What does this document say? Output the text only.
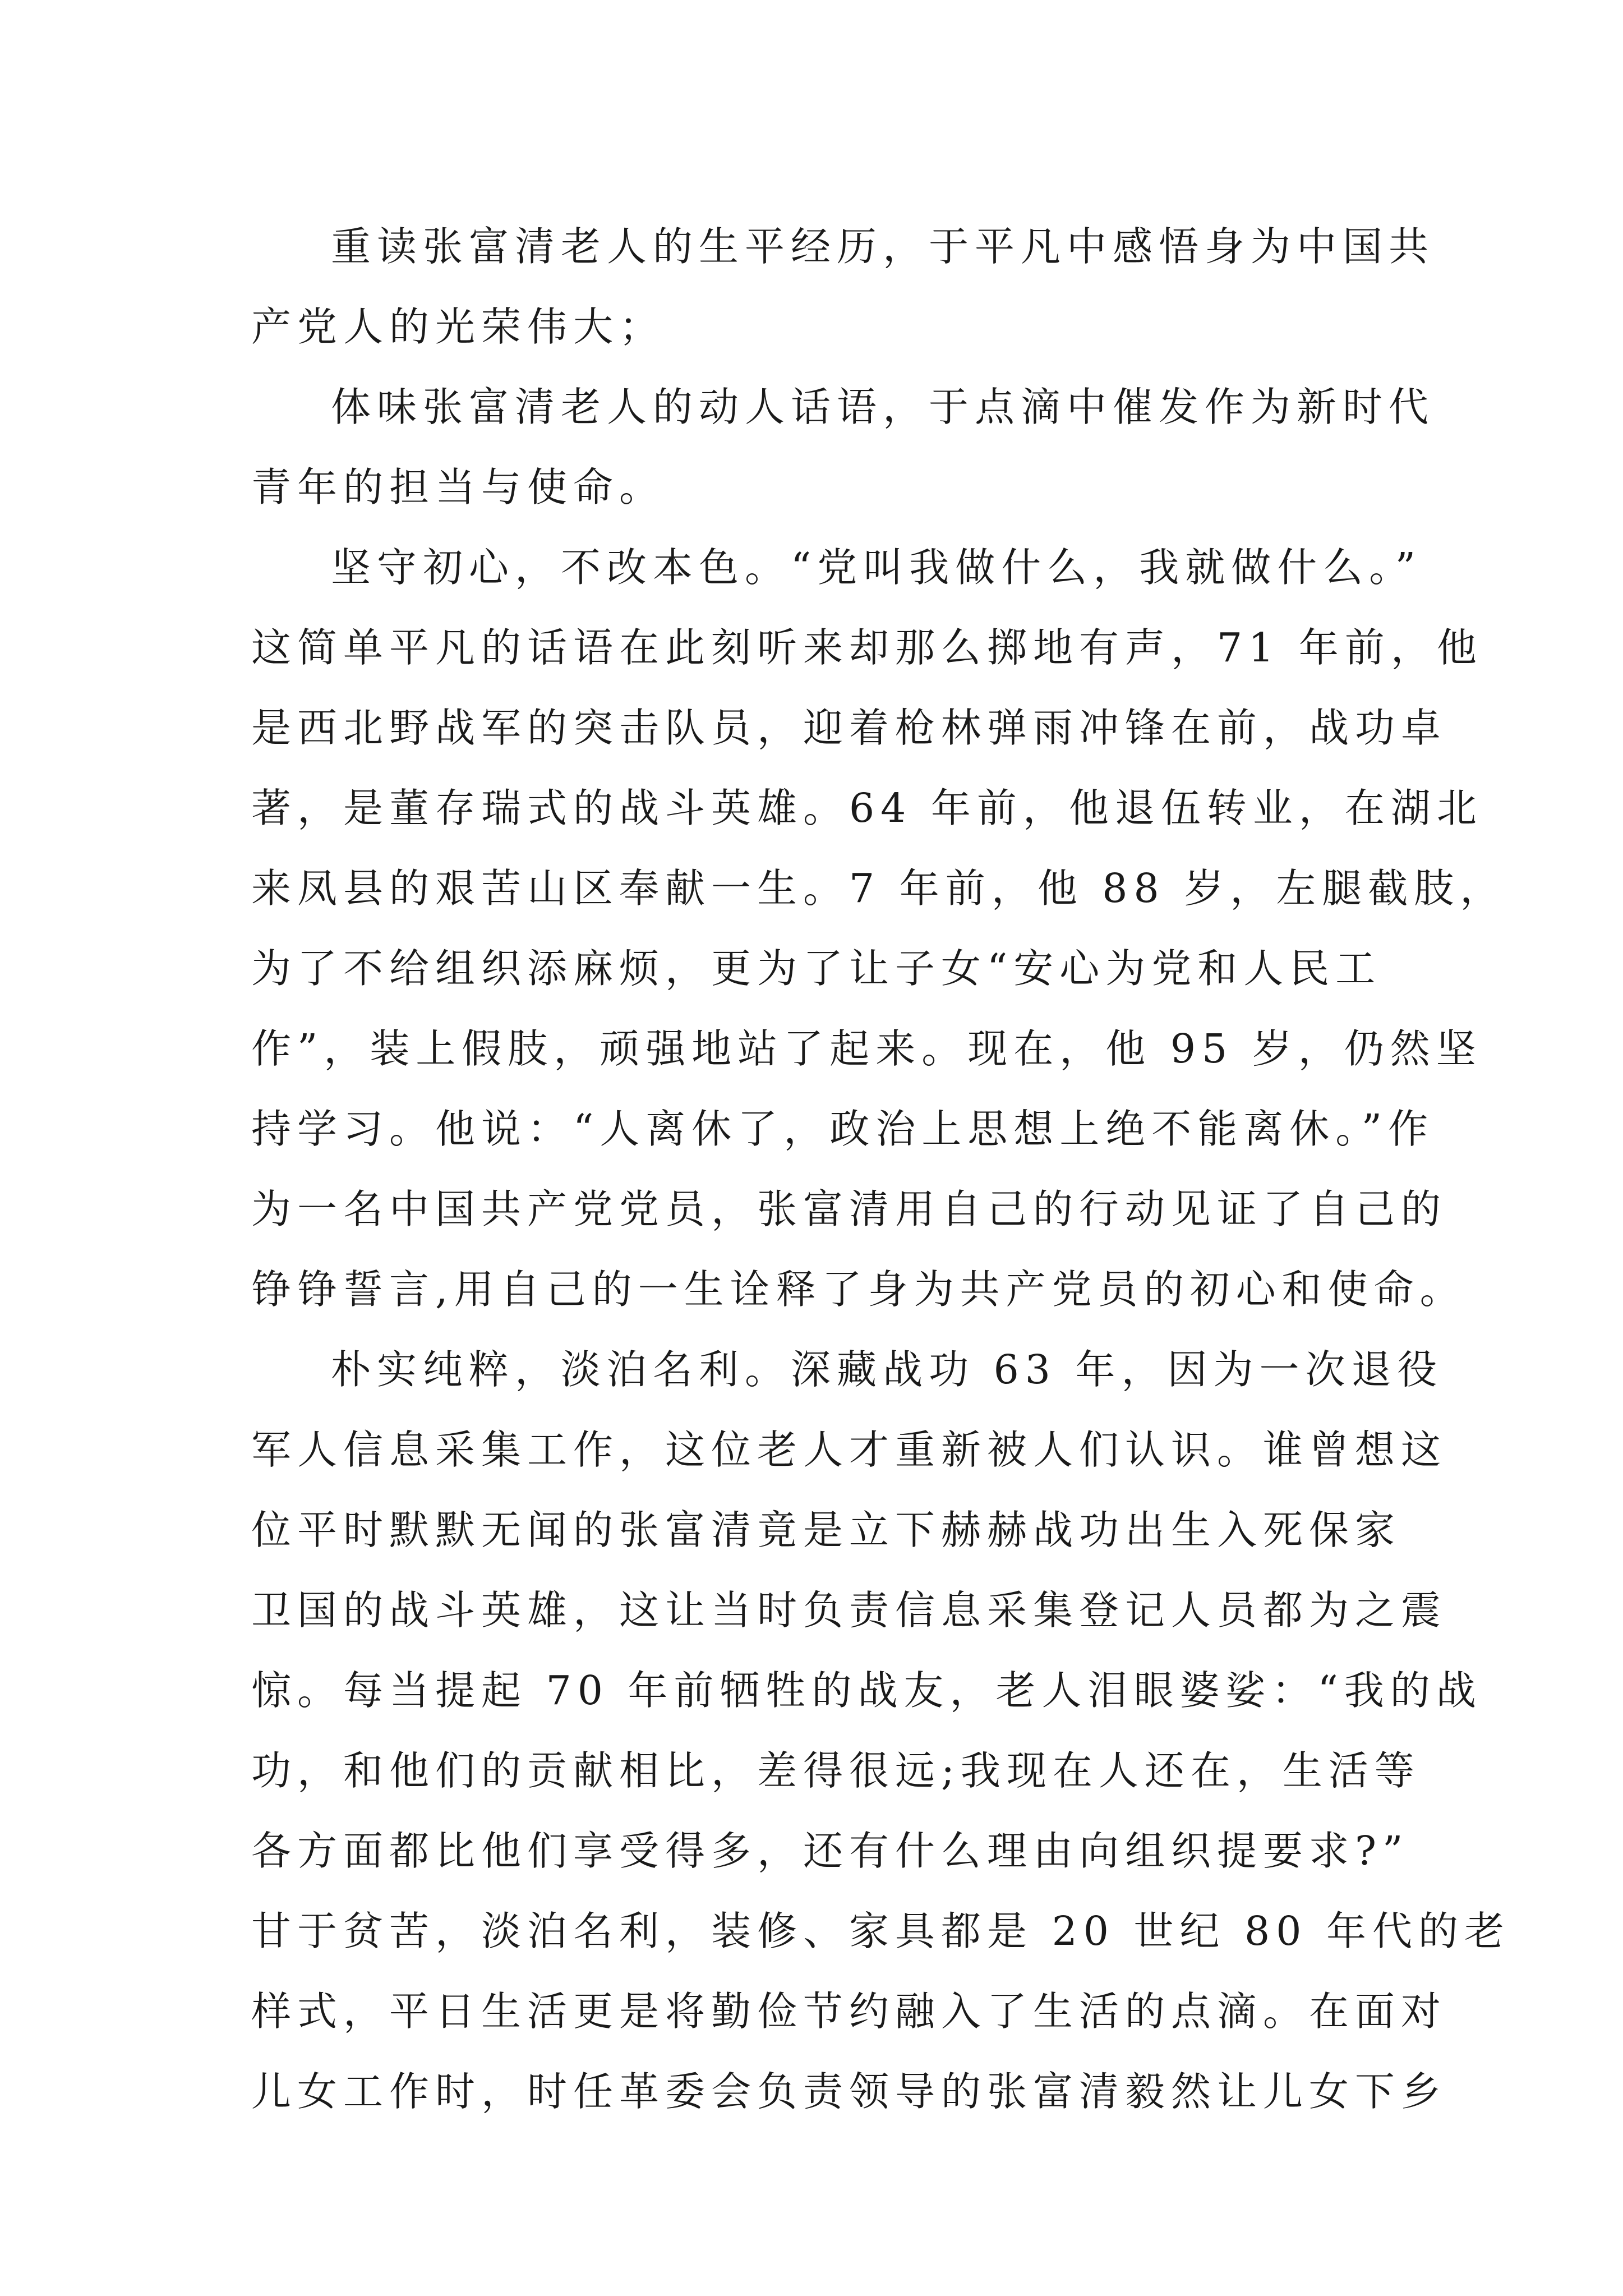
重读张富清老人的生平经历，于平凡中感悟身为中国共
产党人的光荣伟大；

体味张富清老人的动人话语，于点滴中催发作为新时代
青年的担当与使命。

坚守初心，不改本色。“党叫我做什么，我就做什么。”
这简单平凡的话语在此刻听来却那么掷地有声，71 年前，他
是西北野战军的突击队员，迎着枪林弹雨冲锋在前，战功卓
著，是董存瑞式的战斗英雄。64 年前，他退伍转业，在湖北
来凤县的艰苦山区奉献一生。7 年前，他 88 岁，左腿截肢，
为了不给组织添麻烦，更为了让子女“安心为党和人民工
作”，装上假肢，顽强地站了起来。现在，他 95 岁，仍然坚
持学习。他说：“人离休了，政治上思想上绝不能离休。”作
为一名中国共产党党员，张富清用自己的行动见证了自己的
铮铮誓言,用自己的一生诠释了身为共产党员的初心和使命。

朴实纯粹，淡泊名利。深藏战功 63 年，因为一次退役
军人信息采集工作，这位老人才重新被人们认识。谁曾想这
位平时默默无闻的张富清竟是立下赫赫战功出生入死保家
卫国的战斗英雄，这让当时负责信息采集登记人员都为之震
惊。每当提起 70 年前牺牲的战友，老人泪眼婆娑：“我的战
功，和他们的贡献相比，差得很远;我现在人还在，生活等
各方面都比他们享受得多，还有什么理由向组织提要求?”
甘于贫苦，淡泊名利，装修、家具都是 20 世纪 80 年代的老
样式，平日生活更是将勤俭节约融入了生活的点滴。在面对
儿女工作时，时任革委会负责领导的张富清毅然让儿女下乡
